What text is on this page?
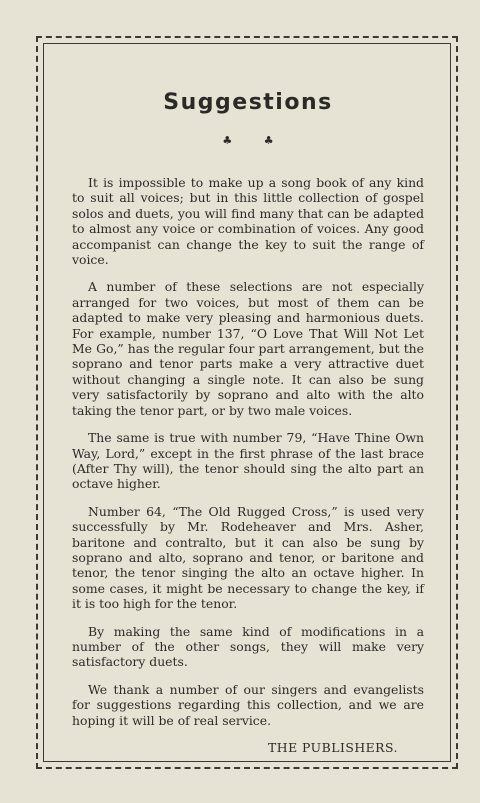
Suggestions
♣ ♣

It is impossible to make up a song book of any kind to suit all voices; but in this little collection of gospel solos and duets, you will find many that can be adapted to almost any voice or combination of voices. Any good accompanist can change the key to suit the range of voice.

A number of these selections are not especially arranged for two voices, but most of them can be adapted to make very pleasing and harmonious duets. For example, number 137, “O Love That Will Not Let Me Go,” has the regular four part arrangement, but the soprano and tenor parts make a very attractive duet without changing a single note. It can also be sung very satisfactorily by soprano and alto with the alto taking the tenor part, or by two male voices.

The same is true with number 79, “Have Thine Own Way, Lord,” except in the first phrase of the last brace (After Thy will), the tenor should sing the alto part an octave higher.

Number 64, “The Old Rugged Cross,” is used very successfully by Mr. Rodeheaver and Mrs. Asher, baritone and contralto, but it can also be sung by soprano and alto, soprano and tenor, or baritone and tenor, the tenor singing the alto an octave higher. In some cases, it might be necessary to change the key, if it is too high for the tenor.

By making the same kind of modifications in a number of the other songs, they will make very satisfactory duets.

We thank a number of our singers and evangelists for suggestions regarding this collection, and we are hoping it will be of real service.

THE PUBLISHERS.
